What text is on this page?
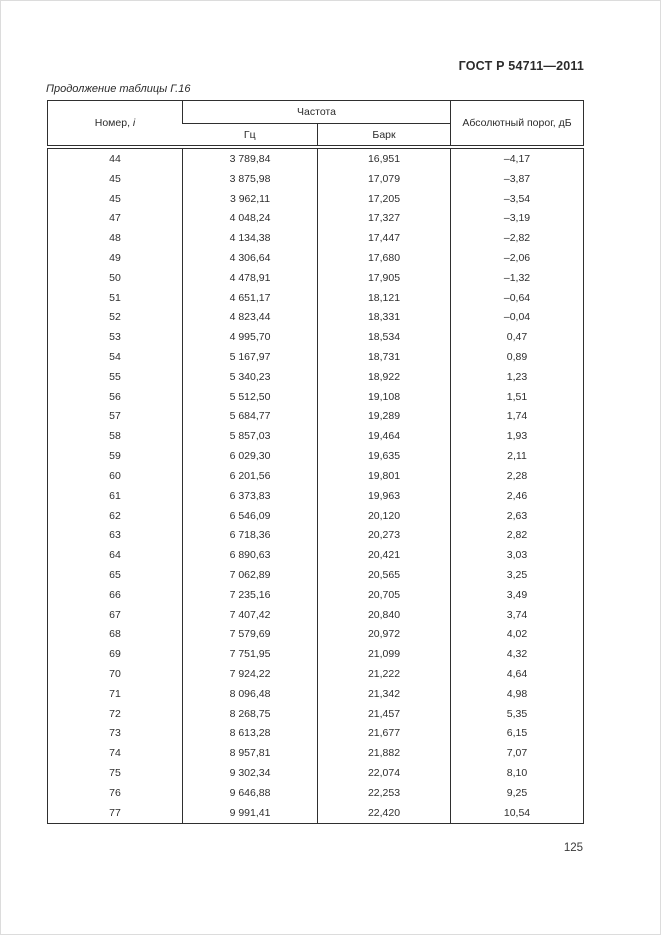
ГОСТ Р 54711—2011
Продолжение таблицы Г.16
Номер, i	Частота		Абсолютный порог, дБ
	Гц	Барк	
44	3 789,84	16,951	–4,17
45	3 875,98	17,079	–3,87
45	3 962,11	17,205	–3,54
47	4 048,24	17,327	–3,19
48	4 134,38	17,447	–2,82
49	4 306,64	17,680	–2,06
50	4 478,91	17,905	–1,32
51	4 651,17	18,121	–0,64
52	4 823,44	18,331	–0,04
53	4 995,70	18,534	0,47
54	5 167,97	18,731	0,89
55	5 340,23	18,922	1,23
56	5 512,50	19,108	1,51
57	5 684,77	19,289	1,74
58	5 857,03	19,464	1,93
59	6 029,30	19,635	2,11
60	6 201,56	19,801	2,28
61	6 373,83	19,963	2,46
62	6 546,09	20,120	2,63
63	6 718,36	20,273	2,82
64	6 890,63	20,421	3,03
65	7 062,89	20,565	3,25
66	7 235,16	20,705	3,49
67	7 407,42	20,840	3,74
68	7 579,69	20,972	4,02
69	7 751,95	21,099	4,32
70	7 924,22	21,222	4,64
71	8 096,48	21,342	4,98
72	8 268,75	21,457	5,35
73	8 613,28	21,677	6,15
74	8 957,81	21,882	7,07
75	9 302,34	22,074	8,10
76	9 646,88	22,253	9,25
77	9 991,41	22,420	10,54
125
